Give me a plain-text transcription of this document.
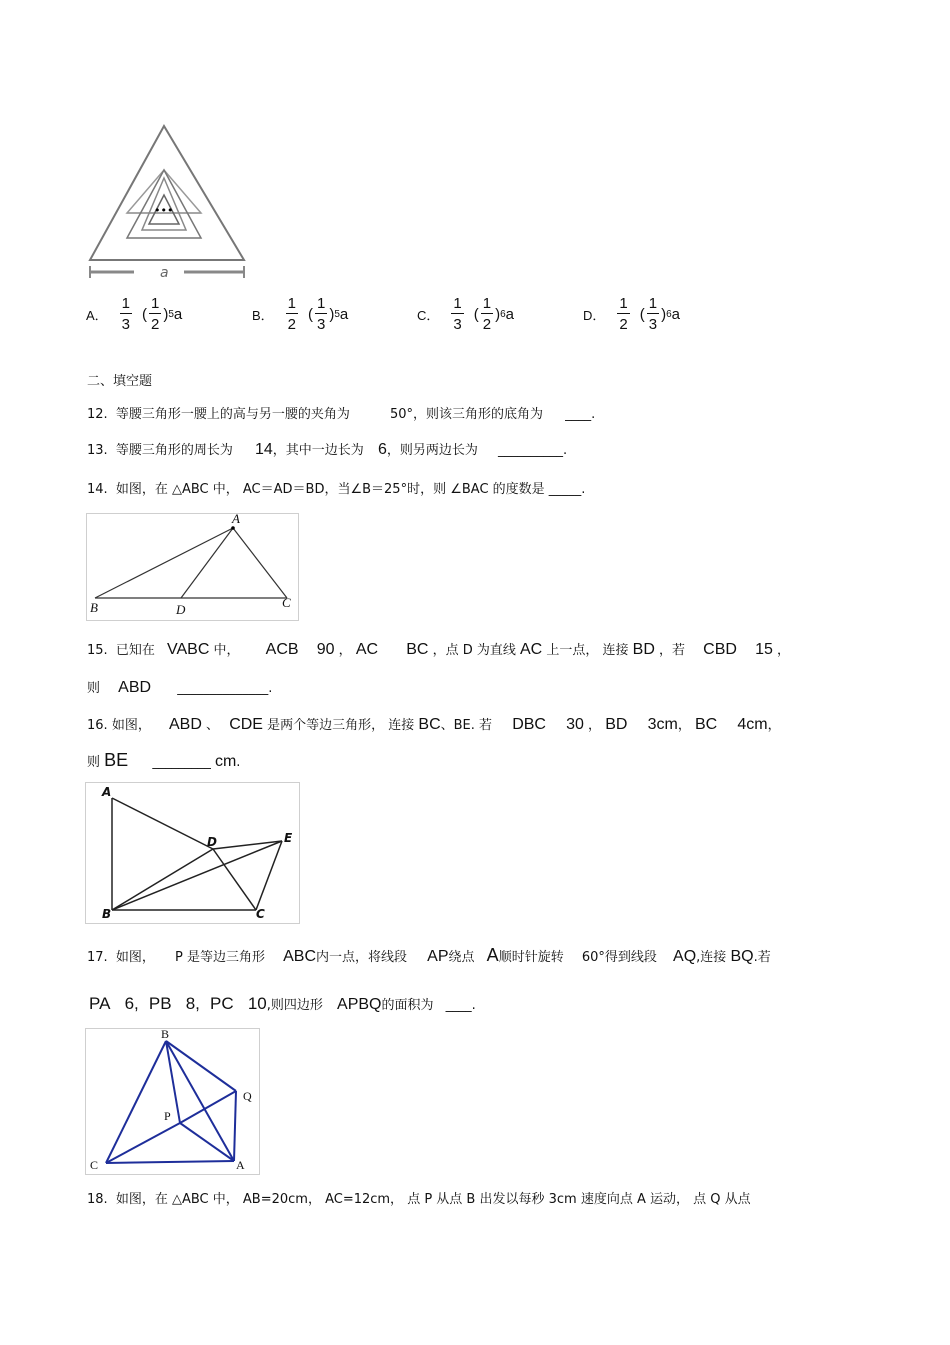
•••
a
A． $\frac{1}{3}$ ( $\frac{1}{2}$ ) 5 a	B． $\frac{1}{2}$ ( $\frac{1}{3}$ ) 5 a	C． $\frac{1}{3}$ ( $\frac{1}{2}$ ) 6 a	D． $\frac{1}{2}$ ( $\frac{1}{3}$ ) 6 a
二、填空题
12. 等腰三角形一腰上的高与另一腰的夹角为	50°，则该三角形的底角为 ____.
13. 等腰三角形的周长为 14，其中一边长为 6，则另两边长为 __________.
14. 如图，在 △ABC 中， AC＝AD＝BD，当∠B＝25°时，则 ∠BAC 的度数是 _____.
A
B	D	C
15. 已知在 VABC 中， ACB 90 ， AC BC ，点 D 为直线 AC 上一点， 连接 BD ，若 CBD 15 ，
则 ABD ______________.
16. 如图， ABD 、 CDE 是两个等边三角形， 连接 BC、BE. 若 DBC 30 ， BD 3cm， BC 4cm，
则 BE _________ cm.
A
B	C
D	E
17. 如图， P 是等边三角形 ABC内一点，将线段 AP绕点 A顺时针旋转 60°得到线段 AQ,连接 BQ.若
PA 6, PB 8, PC 10,则四边形 APBQ的面积为 ____.
B
Q
P
C	A
18. 如图，在 △ABC 中， AB=20cm， AC=12cm， 点 P 从点 B 出发以每秒 3cm 速度向点 A 运动， 点 Q 从点
